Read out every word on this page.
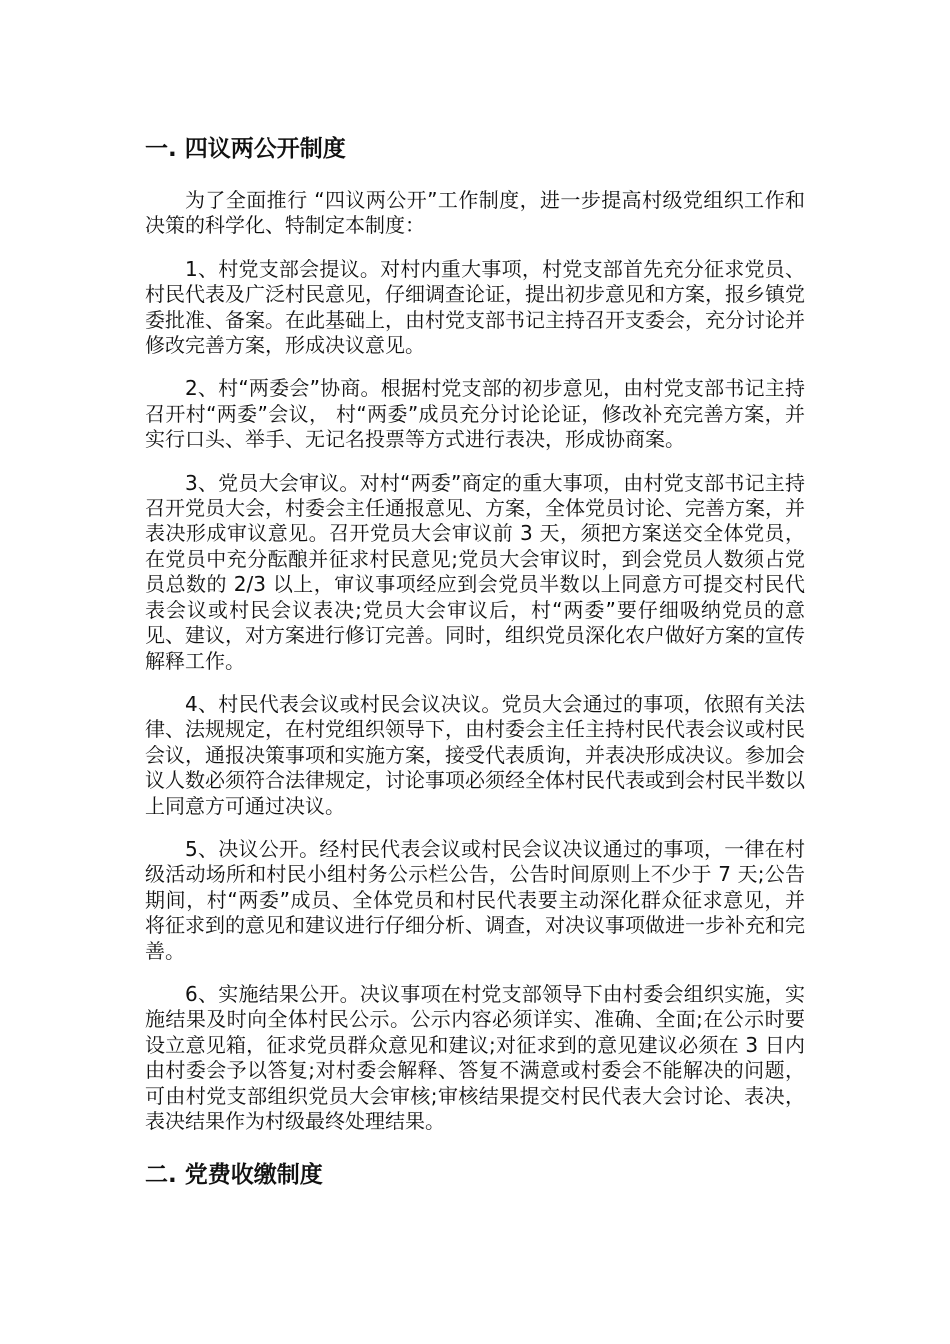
一. 四议两公开制度

为了全面推行 “四议两公开”工作制度，进一步提高村级党组织工作和决策的科学化、特制定本制度：

1、村党支部会提议。对村内重大事项，村党支部首先充分征求党员、村民代表及广泛村民意见，仔细调查论证，提出初步意见和方案，报乡镇党委批准、备案。在此基础上，由村党支部书记主持召开支委会，充分讨论并修改完善方案，形成决议意见。

2、村“两委会”协商。根据村党支部的初步意见，由村党支部书记主持召开村“两委”会议， 村“两委”成员充分讨论论证，修改补充完善方案，并实行口头、举手、无记名投票等方式进行表决，形成协商案。

3、党员大会审议。对村“两委”商定的重大事项，由村党支部书记主持召开党员大会，村委会主任通报意见、方案，全体党员讨论、完善方案，并表决形成审议意见。召开党员大会审议前 3 天，须把方案送交全体党员，在党员中充分酝酿并征求村民意见;党员大会审议时，到会党员人数须占党员总数的 2/3 以上，审议事项经应到会党员半数以上同意方可提交村民代表会议或村民会议表决;党员大会审议后，村“两委”要仔细吸纳党员的意见、建议，对方案进行修订完善。同时，组织党员深化农户做好方案的宣传解释工作。

4、村民代表会议或村民会议决议。党员大会通过的事项，依照有关法律、法规规定，在村党组织领导下，由村委会主任主持村民代表会议或村民会议，通报决策事项和实施方案，接受代表质询，并表决形成决议。参加会议人数必须符合法律规定，讨论事项必须经全体村民代表或到会村民半数以上同意方可通过决议。

5、决议公开。经村民代表会议或村民会议决议通过的事项，一律在村级活动场所和村民小组村务公示栏公告，公告时间原则上不少于 7 天;公告期间，村“两委”成员、全体党员和村民代表要主动深化群众征求意见，并将征求到的意见和建议进行仔细分析、调查，对决议事项做进一步补充和完善。

6、实施结果公开。决议事项在村党支部领导下由村委会组织实施，实施结果及时向全体村民公示。公示内容必须详实、准确、全面;在公示时要设立意见箱，征求党员群众意见和建议;对征求到的意见建议必须在 3 日内由村委会予以答复;对村委会解释、答复不满意或村委会不能解决的问题，可由村党支部组织党员大会审核;审核结果提交村民代表大会讨论、表决，表决结果作为村级最终处理结果。

二. 党费收缴制度
